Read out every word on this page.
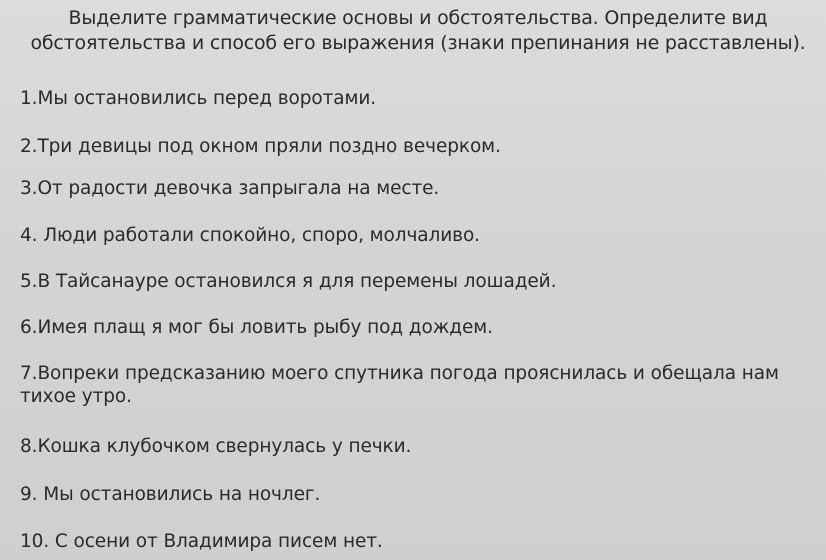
Выделите грамматические основы и обстоятельства. Определите вид
обстоятельства и способ его выражения (знаки препинания не расставлены).
1.Мы остановились перед воротами.
2.Три девицы под окном пряли поздно вечерком.
3.От радости девочка запрыгала на месте.
4. Люди работали спокойно, споро, молчаливо.
5.В Тайсанауре остановился я для перемены лошадей.
6.Имея плащ я мог бы ловить рыбу под дождем.
7.Вопреки предсказанию моего спутника погода прояснилась и обещала нам
тихое утро.
8.Кошка клубочком свернулась у печки.
9. Мы остановились на ночлег.
10. С осени от Владимира писем нет.
